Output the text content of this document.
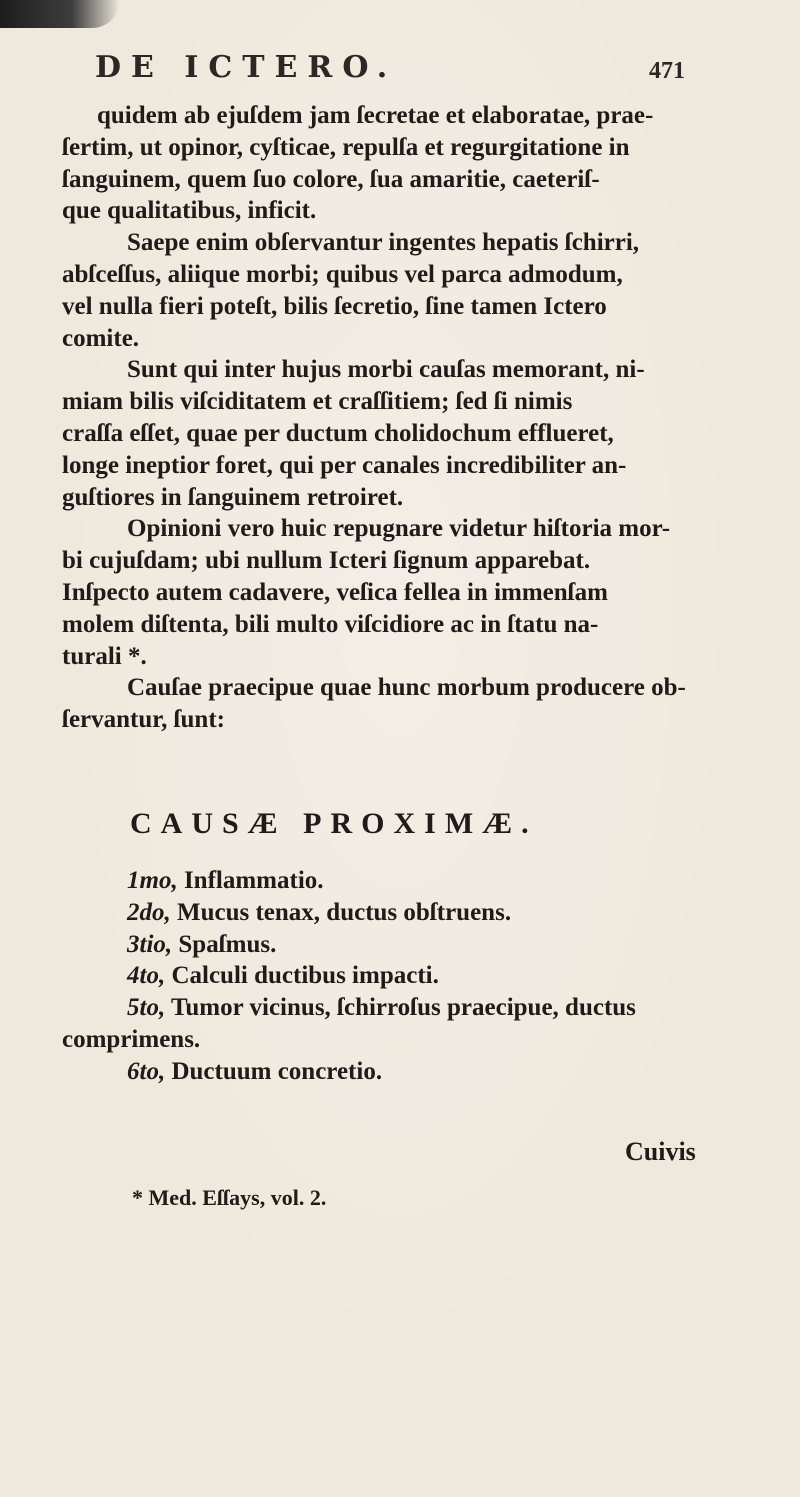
DE ICTERO.	471
quidem ab ejuſdem jam ſecretae et elaboratae, prae-
ſertim, ut opinor, cyſticae, repulſa et regurgitatione in
ſanguinem, quem ſuo colore, ſua amaritie, caeteriſ-
que qualitatibus, inficit.
Saepe enim obſervantur ingentes hepatis ſchirri,
abſceſſus, aliique morbi; quibus vel parca admodum,
vel nulla fieri poteſt, bilis ſecretio, ſine tamen Ictero
comite.
Sunt qui inter hujus morbi cauſas memorant, ni-
miam bilis viſciditatem et craſſitiem; ſed ſi nimis
craſſa eſſet, quae per ductum cholidochum efflueret,
longe ineptior foret, qui per canales incredibiliter an-
guſtiores in ſanguinem retroiret.
Opinioni vero huic repugnare videtur hiſtoria mor-
bi cujuſdam; ubi nullum Icteri ſignum apparebat.
Inſpecto autem cadavere, veſica fellea in immenſam
molem diſtenta, bili multo viſcidiore ac in ſtatu na-
turali *.
Cauſae praecipue quae hunc morbum producere ob-
ſervantur, ſunt:
CAUSÆ PROXIMÆ.
1mo, Inflammatio.
2do, Mucus tenax, ductus obſtruens.
3tio, Spaſmus.
4to, Calculi ductibus impacti.
5to, Tumor vicinus, ſchirroſus praecipue, ductus
comprimens.
6to, Ductuum concretio.
Cuivis
* Med. Eſſays, vol. 2.
